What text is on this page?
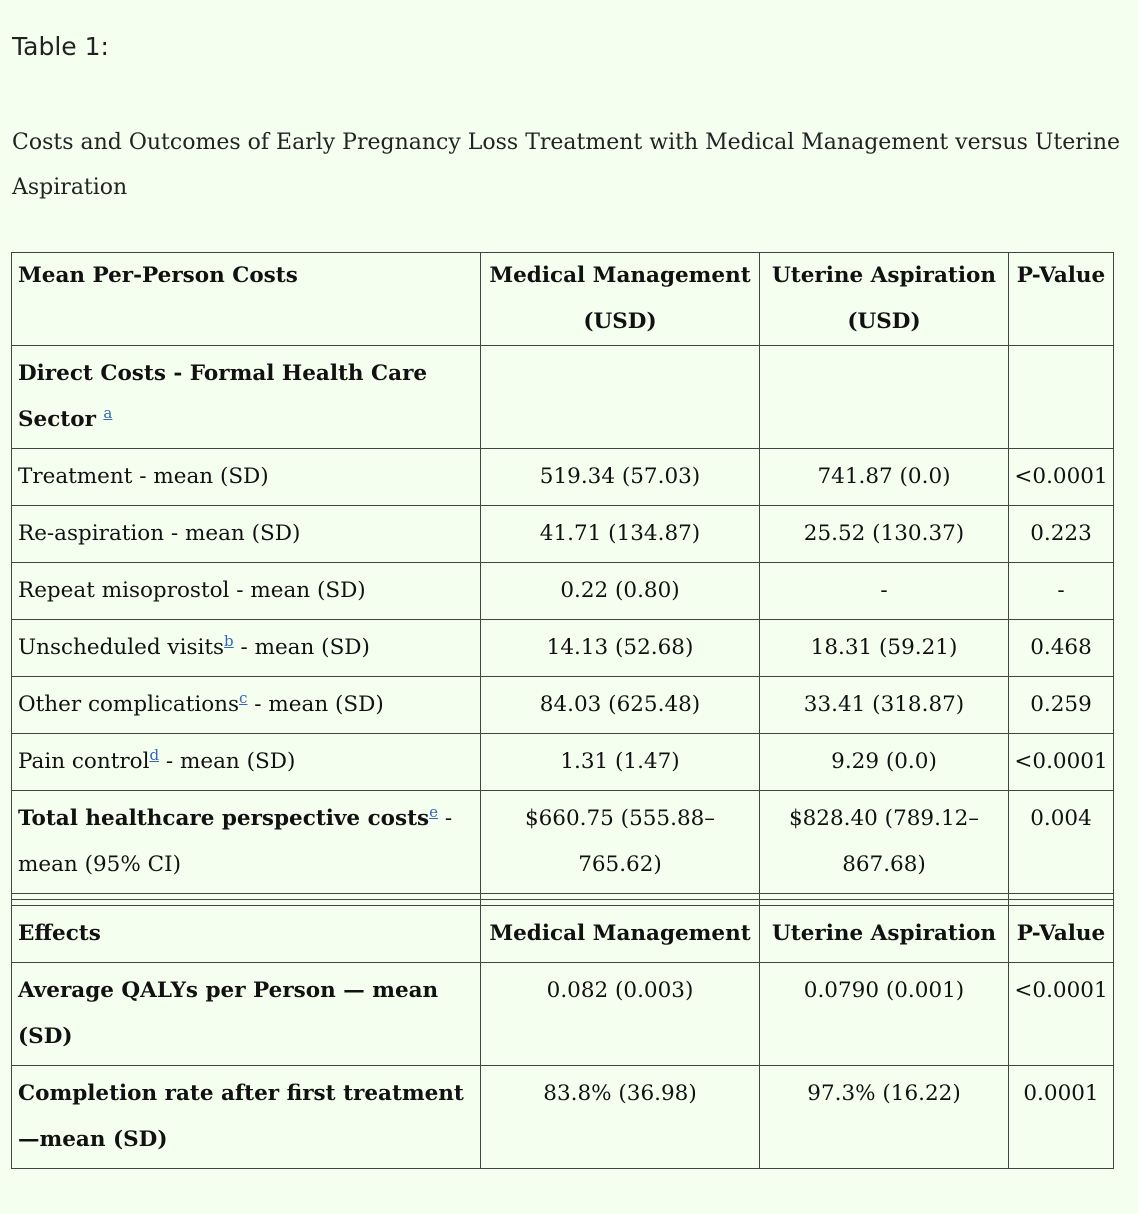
Table 1:
Costs and Outcomes of Early Pregnancy Loss Treatment with Medical Management versus Uterine Aspiration
Mean Per-Person Costs	Medical Management (USD)	Uterine Aspiration (USD)	P-Value
Direct Costs - Formal Health Care Sector $^a$			
Treatment - mean (SD)	519.34 (57.03)	741.87 (0.0)	<0.0001
Re-aspiration - mean (SD)	41.71 (134.87)	25.52 (130.37)	0.223
Repeat misoprostol - mean (SD)	0.22 (0.80)	-	-
Unscheduled visits$^b$ - mean (SD)	14.13 (52.68)	18.31 (59.21)	0.468
Other complications$^c$ - mean (SD)	84.03 (625.48)	33.41 (318.87)	0.259
Pain control$^d$ - mean (SD)	1.31 (1.47)	9.29 (0.0)	<0.0001
Total healthcare perspective costs$^e$ - mean (95% CI)	$660.75 (555.88–765.62)	$828.40 (789.12–867.68)	0.004

Effects	Medical Management	Uterine Aspiration	P-Value
Average QALYs per Person — mean (SD)	0.082 (0.003)	0.0790 (0.001)	<0.0001
Completion rate after first treatment—mean (SD)	83.8% (36.98)	97.3% (16.22)	0.0001
